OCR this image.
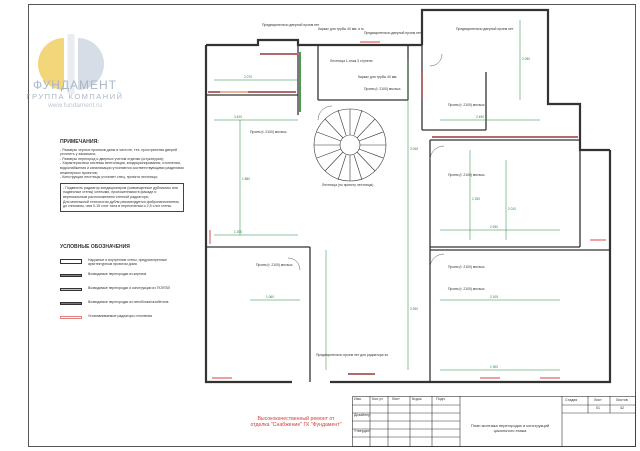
ФУНДАМЕНТ
ГРУППА КОМПАНИЙ
www.fundament.ru
ПРИМЕЧАНИЯ:

- Размеры черных проемов даны в чистоте, тех. пространства дверей уточнить у заказчика;

- Размеры перегород и дверных учетом отделки (штукатурка);

- Характеристики системы вентиляции, кондиционирования, отопления, водоснабжения и канализации уточняются соответствующими разделами инженерных проектов;

- Конструкции лестницы уточняет спец. проекта лестницы;

- Подвесить радиатор кондиционеров (совмещенные дубликаты или подвесные стены) слепыми, проложенными в фасаде и вертикальным расположением стенной радиатора;

Для монтажной технологии дубля рекомендуется фибронаполнитель дл гипсовом, чем 0-15 слот типа в пересечении и 2,5 слот стены.

УСЛОВНЫЕ ОБОЗНАЧЕНИЯ
Наружные и внутренние стены, предусмотренные архитектурным проектом дома
Возводимые перегородки из кирпича
Возводимые перегородки и конструкции из ГКЛ/ГВЛ
Возводимые перегородки из пеноблока/газобетона
Устанавливаемые радиаторы отопления
2 070
3 420
1 200
2 490
2 930
1 900
1 060	2 105
3 045
3 250
1 250
2 010
1 880
2 090
Предварительно дверной проем нет
Каркас для трубы 40 мм. и м.
Предварительно дверной проем нет
Предварительно дверной проем нет
Лестница 1-этаж 3 ступени
Каркас для трубы 40 мм.
Лестница (по проекту лестницы)
Проем (t: 2100) мм выс.
Проем (t: 2100) мм выс.
Проем (t: 2100) мм выс.
Проем (t: 2100) мм выс.
Проем (t: 2100) мм выс.
Проем (t: 2100) мм выс.
Проем (t: 2100) мм выс.
Предварительно проем нет для радиатора эл.
Высококачественный ремонт от
отделка "Снабжение" ГК "Фундамент"
Изм.	Кол.уч	Лист	№док	Подп.
Дизайнер
Утвердил
Стадия	Лист	Листов
01	42
План монтажа перегородок и конструкций цокольного этажа
